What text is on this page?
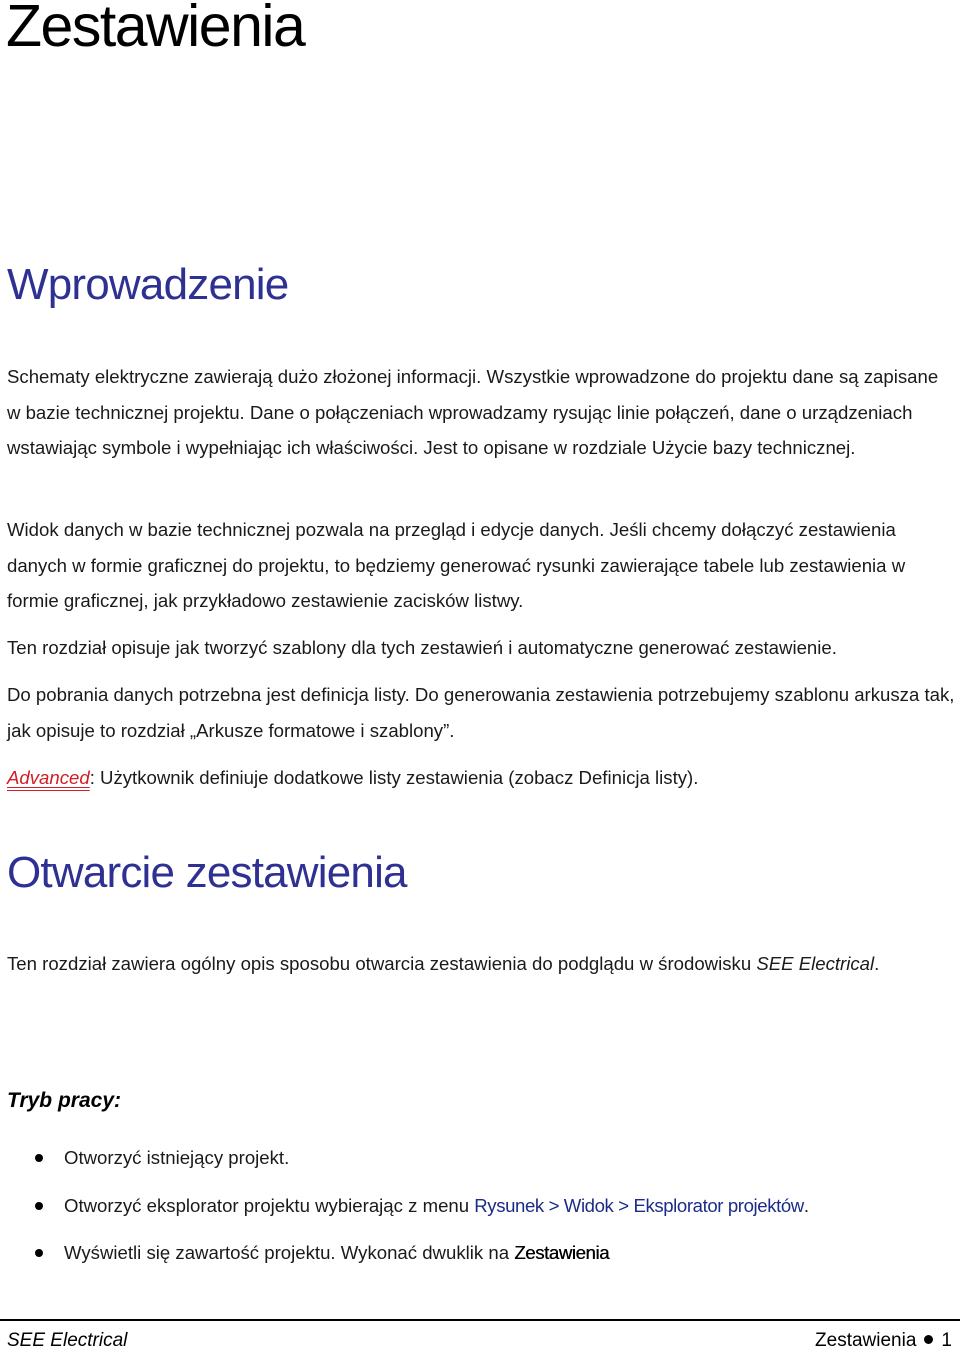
Zestawienia
Wprowadzenie

Schematy elektryczne zawierają dużo złożonej informacji. Wszystkie wprowadzone do projektu dane są zapisane w bazie technicznej projektu. Dane o połączeniach wprowadzamy rysując linie połączeń, dane o urządzeniach wstawiając symbole i wypełniając ich właściwości. Jest to opisane w rozdziale Użycie bazy technicznej.

Widok danych w bazie technicznej pozwala na przegląd i edycje danych. Jeśli chcemy dołączyć zestawienia danych w formie graficznej do projektu, to będziemy generować rysunki zawierające tabele lub zestawienia w formie graficznej, jak przykładowo zestawienie zacisków listwy.

Ten rozdział opisuje jak tworzyć szablony dla tych zestawień i automatyczne generować zestawienie.

Do pobrania danych potrzebna jest definicja listy. Do generowania zestawienia potrzebujemy szablonu arkusza tak, jak opisuje to rozdział „Arkusze formatowe i szablony”.

Advanced: Użytkownik definiuje dodatkowe listy zestawienia (zobacz Definicja listy).

Otwarcie zestawienia

Ten rozdział zawiera ogólny opis sposobu otwarcia zestawienia do podglądu w środowisku SEE Electrical.

Tryb pracy:
Otworzyć istniejący projekt.
Otworzyć eksplorator projektu wybierając z menu Rysunek > Widok > Eksplorator projektów.
Wyświetli się zawartość projektu. Wykonać dwuklik na Zestawienia
SEE Electrical	Zestawienia 1
